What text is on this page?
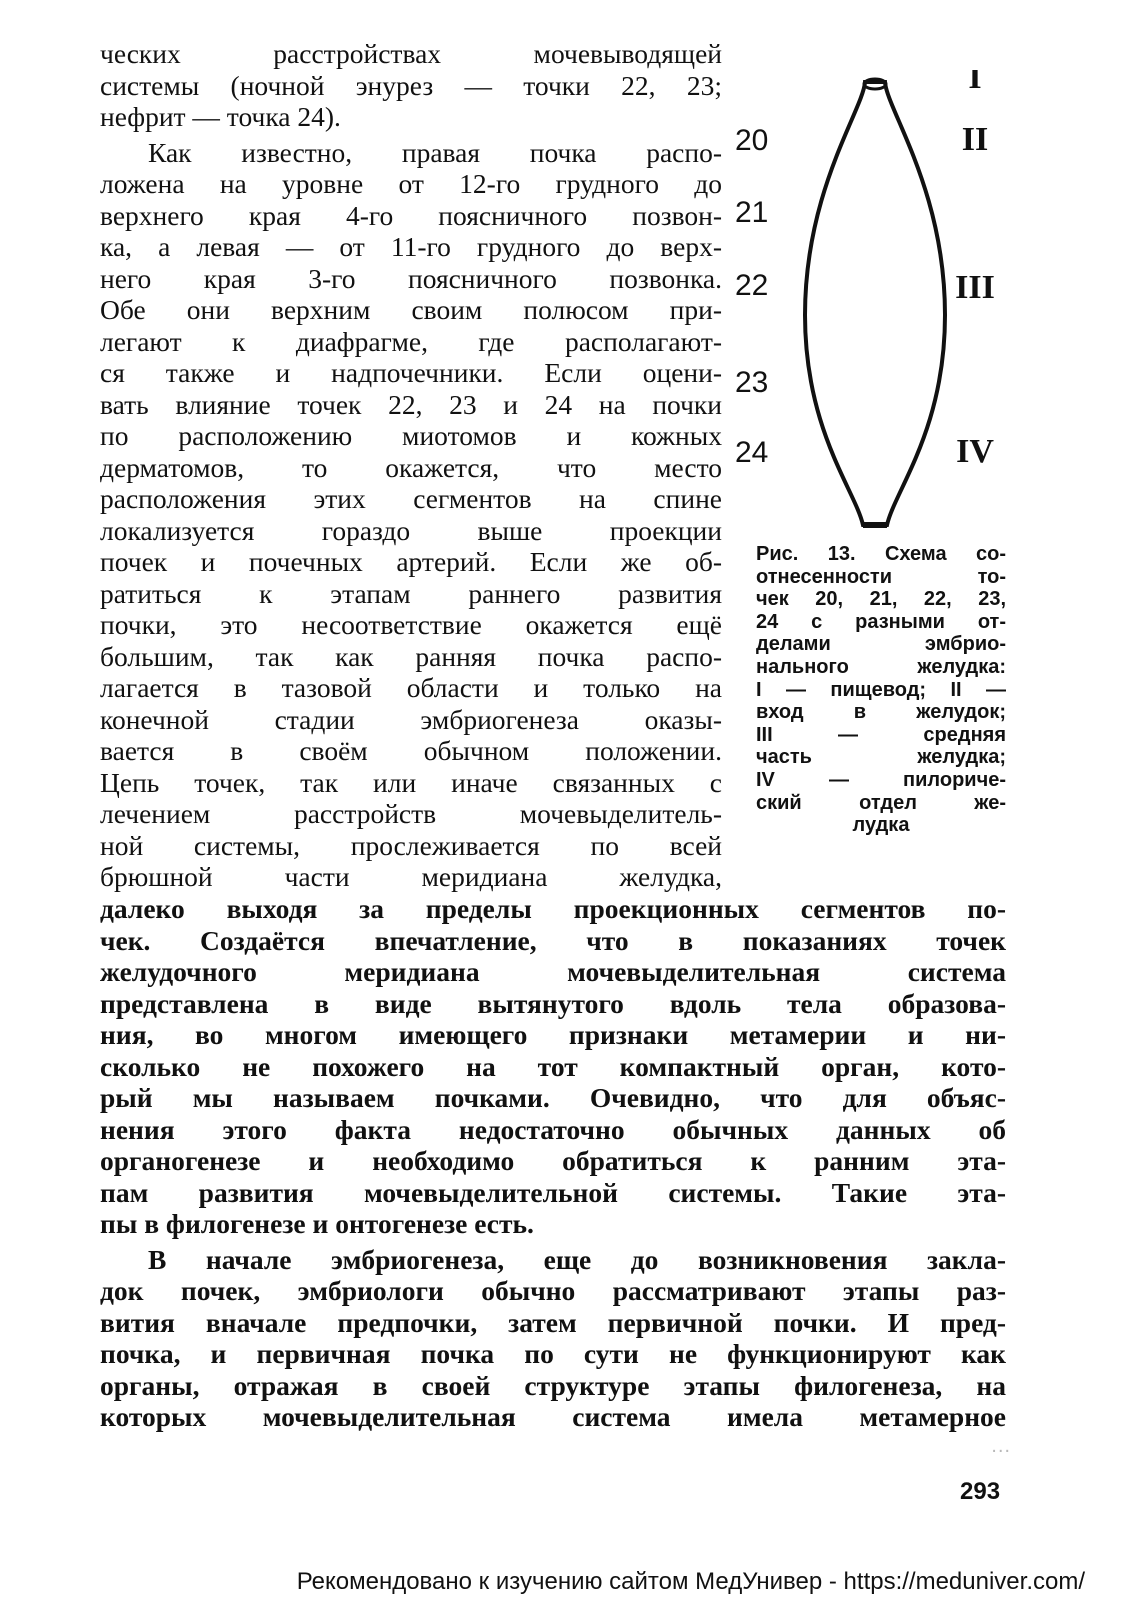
ческих расстройствах мочевыводящей
системы (ночной энурез — точки 22, 23;
нефрит — точка 24).
Как известно, правая почка распо-
ложена на уровне от 12-го грудного до
верхнего края 4-го поясничного позвон-
ка, а левая — от 11-го грудного до верх-
него края 3-го поясничного позвонка.
Обе они верхним своим полюсом при-
легают к диафрагме, где располагают-
ся также и надпочечники. Если оцени-
вать влияние точек 22, 23 и 24 на почки
по расположению миотомов и кожных
дерматомов, то окажется, что место
расположения этих сегментов на спине
локализуется гораздо выше проекции
почек и почечных артерий. Если же об-
ратиться к этапам раннего развития
почки, это несоответствие окажется ещё
большим, так как ранняя почка распо-
лагается в тазовой области и только на
конечной стадии эмбриогенеза оказы-
вается в своём обычном положении.
Цепь точек, так или иначе связанных с
лечением расстройств мочевыделитель-
ной системы, прослеживается по всей
брюшной части меридиана желудка,
20
21
22
23
24
I
II
III
IV
Рис. 13. Схема со-
отнесенности то-
чек 20, 21, 22, 23,
24 с разными от-
делами эмбрио-
нального желудка:
I — пищевод; II —
вход в желудок;
III — средняя
часть желудка;
IV — пилориче-
ский отдел же-
лудка
далеко выходя за пределы проекционных сегментов по-
чек. Создаётся впечатление, что в показаниях точек
желудочного меридиана мочевыделительная система
представлена в виде вытянутого вдоль тела образова-
ния, во многом имеющего признаки метамерии и ни-
сколько не похожего на тот компактный орган, кото-
рый мы называем почками. Очевидно, что для объяс-
нения этого факта недостаточно обычных данных об
органогенезе и необходимо обратиться к ранним эта-
пам развития мочевыделительной системы. Такие эта-
пы в филогенезе и онтогенезе есть.
В начале эмбриогенеза, еще до возникновения закла-
док почек, эмбриологи обычно рассматривают этапы раз-
вития вначале предпочки, затем первичной почки. И пред-
почка, и первичная почка по сути не функционируют как
органы, отражая в своей структуре этапы филогенеза, на
которых мочевыделительная система имела метамерное
...
293
Рекомендовано к изучению сайтом МедУнивер - https://meduniver.com/
